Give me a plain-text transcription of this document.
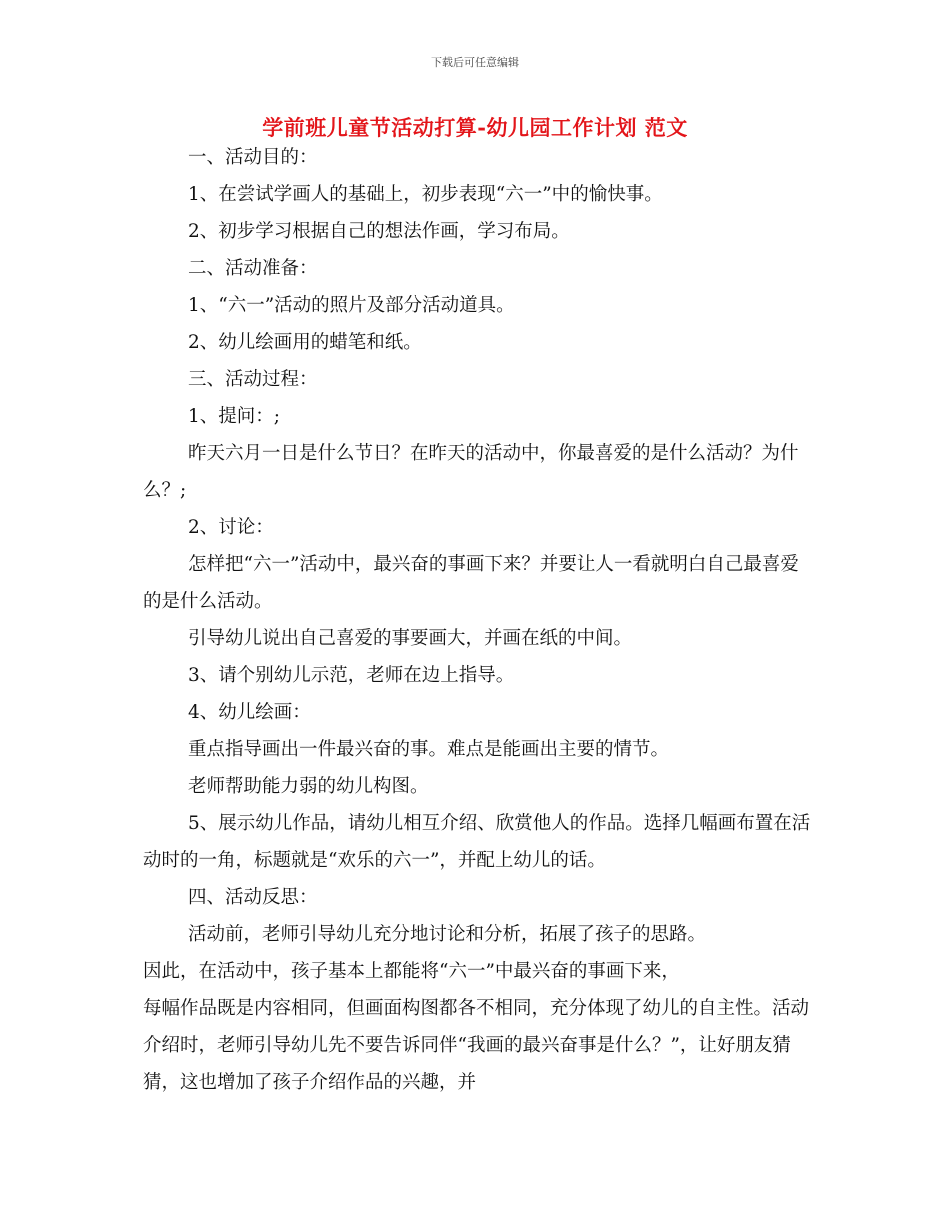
下载后可任意编辑
学前班儿童节活动打算-幼儿园工作计划 范文

一、活动目的：

1、在尝试学画人的基础上，初步表现“六一”中的愉快事。

2、初步学习根据自己的想法作画，学习布局。

二、活动准备：

1、“六一”活动的照片及部分活动道具。

2、幼儿绘画用的蜡笔和纸。

三、活动过程：

1、提问：;

昨天六月一日是什么节日？在昨天的活动中，你最喜爱的是什么活动？为什么？;

2、讨论：

怎样把“六一”活动中，最兴奋的事画下来？并要让人一看就明白自己最喜爱的是什么活动。

引导幼儿说出自己喜爱的事要画大，并画在纸的中间。

3、请个别幼儿示范，老师在边上指导。

4、幼儿绘画：

重点指导画出一件最兴奋的事。难点是能画出主要的情节。

老师帮助能力弱的幼儿构图。

5、展示幼儿作品，请幼儿相互介绍、欣赏他人的作品。选择几幅画布置在活动时的一角，标题就是“欢乐的六一”，并配上幼儿的话。

四、活动反思：

活动前，老师引导幼儿充分地讨论和分析，拓展了孩子的思路。

因此，在活动中，孩子基本上都能将“六一”中最兴奋的事画下来，

每幅作品既是内容相同，但画面构图都各不相同，充分体现了幼儿的自主性。活动介绍时，老师引导幼儿先不要告诉同伴“我画的最兴奋事是什么？”，让好朋友猜猜，这也增加了孩子介绍作品的兴趣，并
